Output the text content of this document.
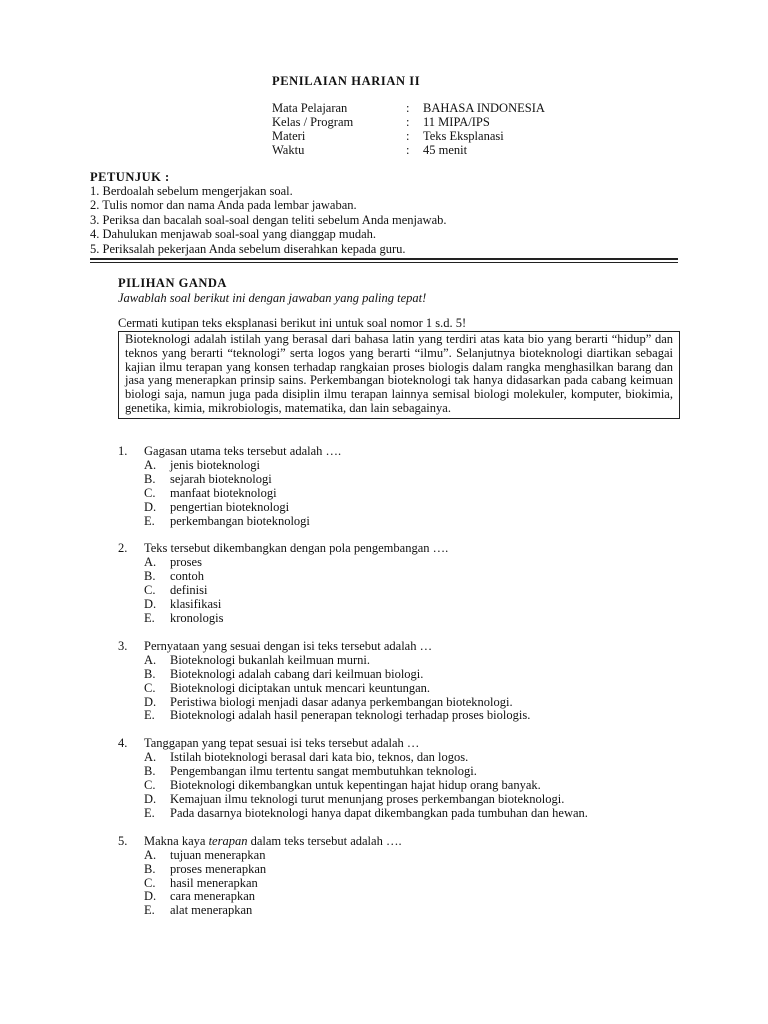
PENILAIAN HARIAN II
Mata Pelajaran	: BAHASA INDONESIA
Kelas / Program	: 11 MIPA/IPS
Materi	: Teks Eksplanasi
Waktu	: 45 menit
PETUNJUK :
1. Berdoalah sebelum mengerjakan soal.
2. Tulis nomor dan nama Anda pada lembar jawaban.
3. Periksa dan bacalah soal-soal dengan teliti sebelum Anda menjawab.
4. Dahulukan menjawab soal-soal yang dianggap mudah.
5. Periksalah pekerjaan Anda sebelum diserahkan kepada guru.
PILIHAN GANDA
Jawablah soal berikut ini dengan jawaban yang paling tepat!
Cermati kutipan teks eksplanasi berikut ini untuk soal nomor 1 s.d. 5!
Bioteknologi adalah istilah yang berasal dari bahasa latin yang terdiri atas kata bio yang berarti “hidup” dan teknos yang berarti “teknologi” serta logos yang berarti “ilmu”. Selanjutnya bioteknologi diartikan sebagai kajian ilmu terapan yang konsen terhadap rangkaian proses biologis dalam rangka menghasilkan barang dan jasa yang menerapkan prinsip sains. Perkembangan bioteknologi tak hanya didasarkan pada cabang keimuan biologi saja, namun juga pada disiplin ilmu terapan lainnya semisal biologi molekuler, komputer, biokimia, genetika, kimia, mikrobiologis, matematika, dan lain sebagainya.
1. Gagasan utama teks tersebut adalah ….
A. jenis bioteknologi
B. sejarah bioteknologi
C. manfaat bioteknologi
D. pengertian bioteknologi
E. perkembangan bioteknologi
2. Teks tersebut dikembangkan dengan pola pengembangan ….
A. proses
B. contoh
C. definisi
D. klasifikasi
E. kronologis
3. Pernyataan yang sesuai dengan isi teks tersebut adalah …
A. Bioteknologi bukanlah keilmuan murni.
B. Bioteknologi adalah cabang dari keilmuan biologi.
C. Bioteknologi diciptakan untuk mencari keuntungan.
D. Peristiwa biologi menjadi dasar adanya perkembangan bioteknologi.
E. Bioteknologi adalah hasil penerapan teknologi terhadap proses biologis.
4. Tanggapan yang tepat sesuai isi teks tersebut adalah …
A. Istilah bioteknologi berasal dari kata bio, teknos, dan logos.
B. Pengembangan ilmu tertentu sangat membutuhkan teknologi.
C. Bioteknologi dikembangkan untuk kepentingan hajat hidup orang banyak.
D. Kemajuan ilmu teknologi turut menunjang proses perkembangan bioteknologi.
E. Pada dasarnya bioteknologi hanya dapat dikembangkan pada tumbuhan dan hewan.
5. Makna kaya terapan dalam teks tersebut adalah ….
A. tujuan menerapkan
B. proses menerapkan
C. hasil menerapkan
D. cara menerapkan
E. alat menerapkan
